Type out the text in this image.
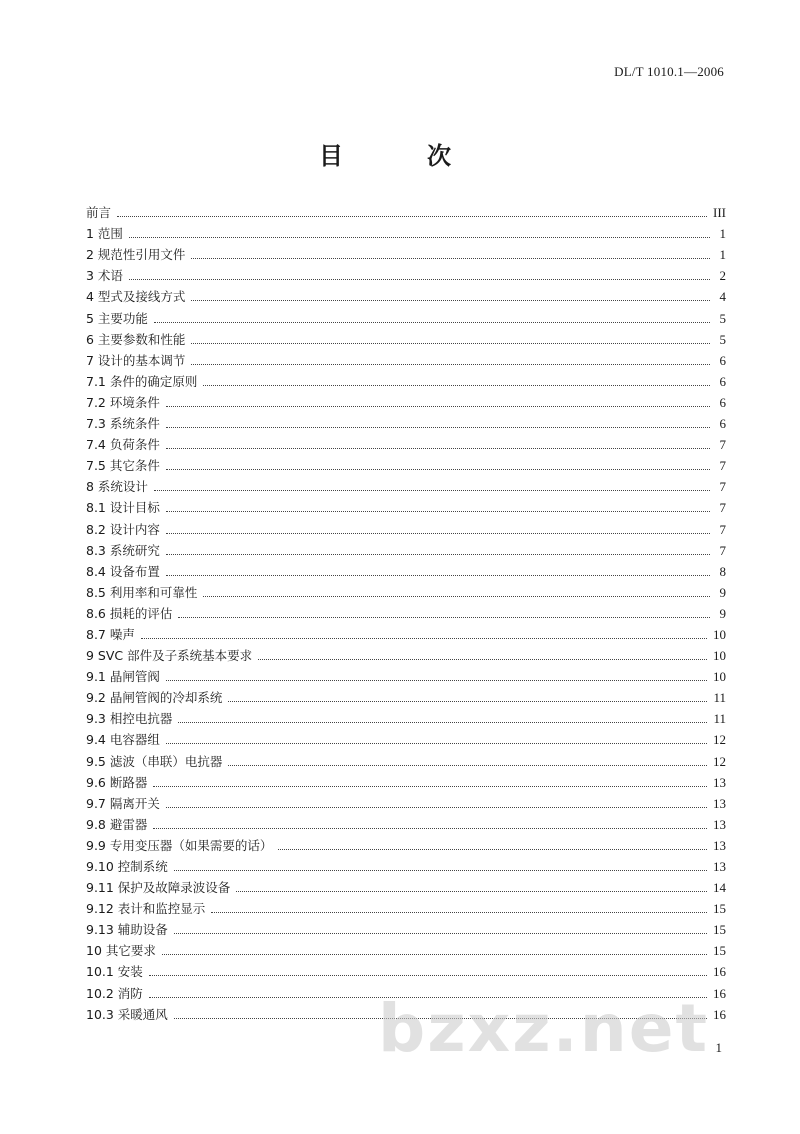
DL/T 1010.1—2006
目　次
前言	III
1 范围	1
2 规范性引用文件	1
3 术语	2
4 型式及接线方式	4
5 主要功能	5
6 主要参数和性能	5
7 设计的基本调节	6
7.1 条件的确定原则	6
7.2 环境条件	6
7.3 系统条件	6
7.4 负荷条件	7
7.5 其它条件	7
8 系统设计	7
8.1 设计目标	7
8.2 设计内容	7
8.3 系统研究	7
8.4 设备布置	8
8.5 利用率和可靠性	9
8.6 损耗的评估	9
8.7 噪声	10
9 SVC 部件及子系统基本要求	10
9.1 晶闸管阀	10
9.2 晶闸管阀的冷却系统	11
9.3 相控电抗器	11
9.4 电容器组	12
9.5 滤波（串联）电抗器	12
9.6 断路器	13
9.7 隔离开关	13
9.8 避雷器	13
9.9 专用变压器（如果需要的话）	13
9.10 控制系统	13
9.11 保护及故障录波设备	14
9.12 表计和监控显示	15
9.13 辅助设备	15
10 其它要求	15
10.1 安装	16
10.2 消防	16
10.3 采暖通风	16
1
bzxz.net
